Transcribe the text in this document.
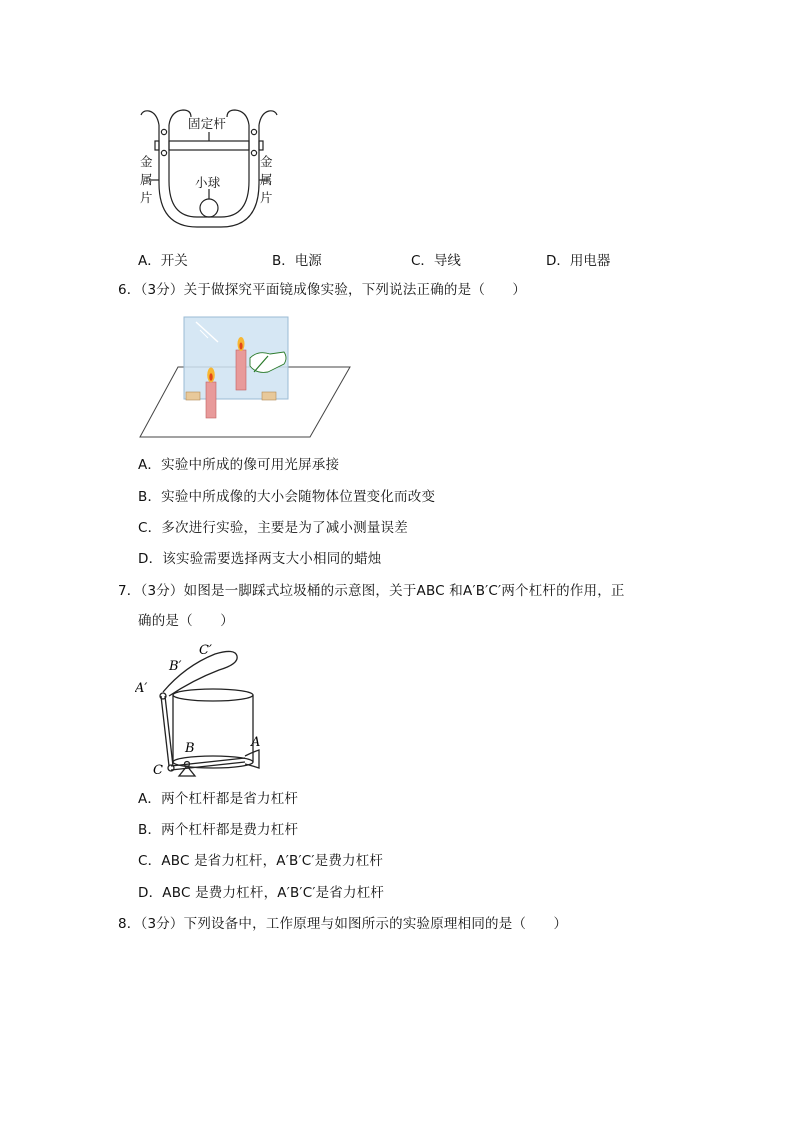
固定杆
小球
金
属
片
金
属
片
A．开关	B．电源	C．导线	D．用电器
6．（3分）关于做探究平面镜成像实验，下列说法正确的是（　　）
A．实验中所成的像可用光屏承接
B．实验中所成像的大小会随物体位置变化而改变
C．多次进行实验，主要是为了减小测量误差
D．该实验需要选择两支大小相同的蜡烛
7．（3分）如图是一脚踩式垃圾桶的示意图，关于ABC 和A′B′C′两个杠杆的作用，正
确的是（　　）
B′
A′
C′
B	A
C
A．两个杠杆都是省力杠杆
B．两个杠杆都是费力杠杆
C．ABC 是省力杠杆，A′B′C′是费力杠杆
D．ABC 是费力杠杆，A′B′C′是省力杠杆
8．（3分）下列设备中，工作原理与如图所示的实验原理相同的是（　　）
